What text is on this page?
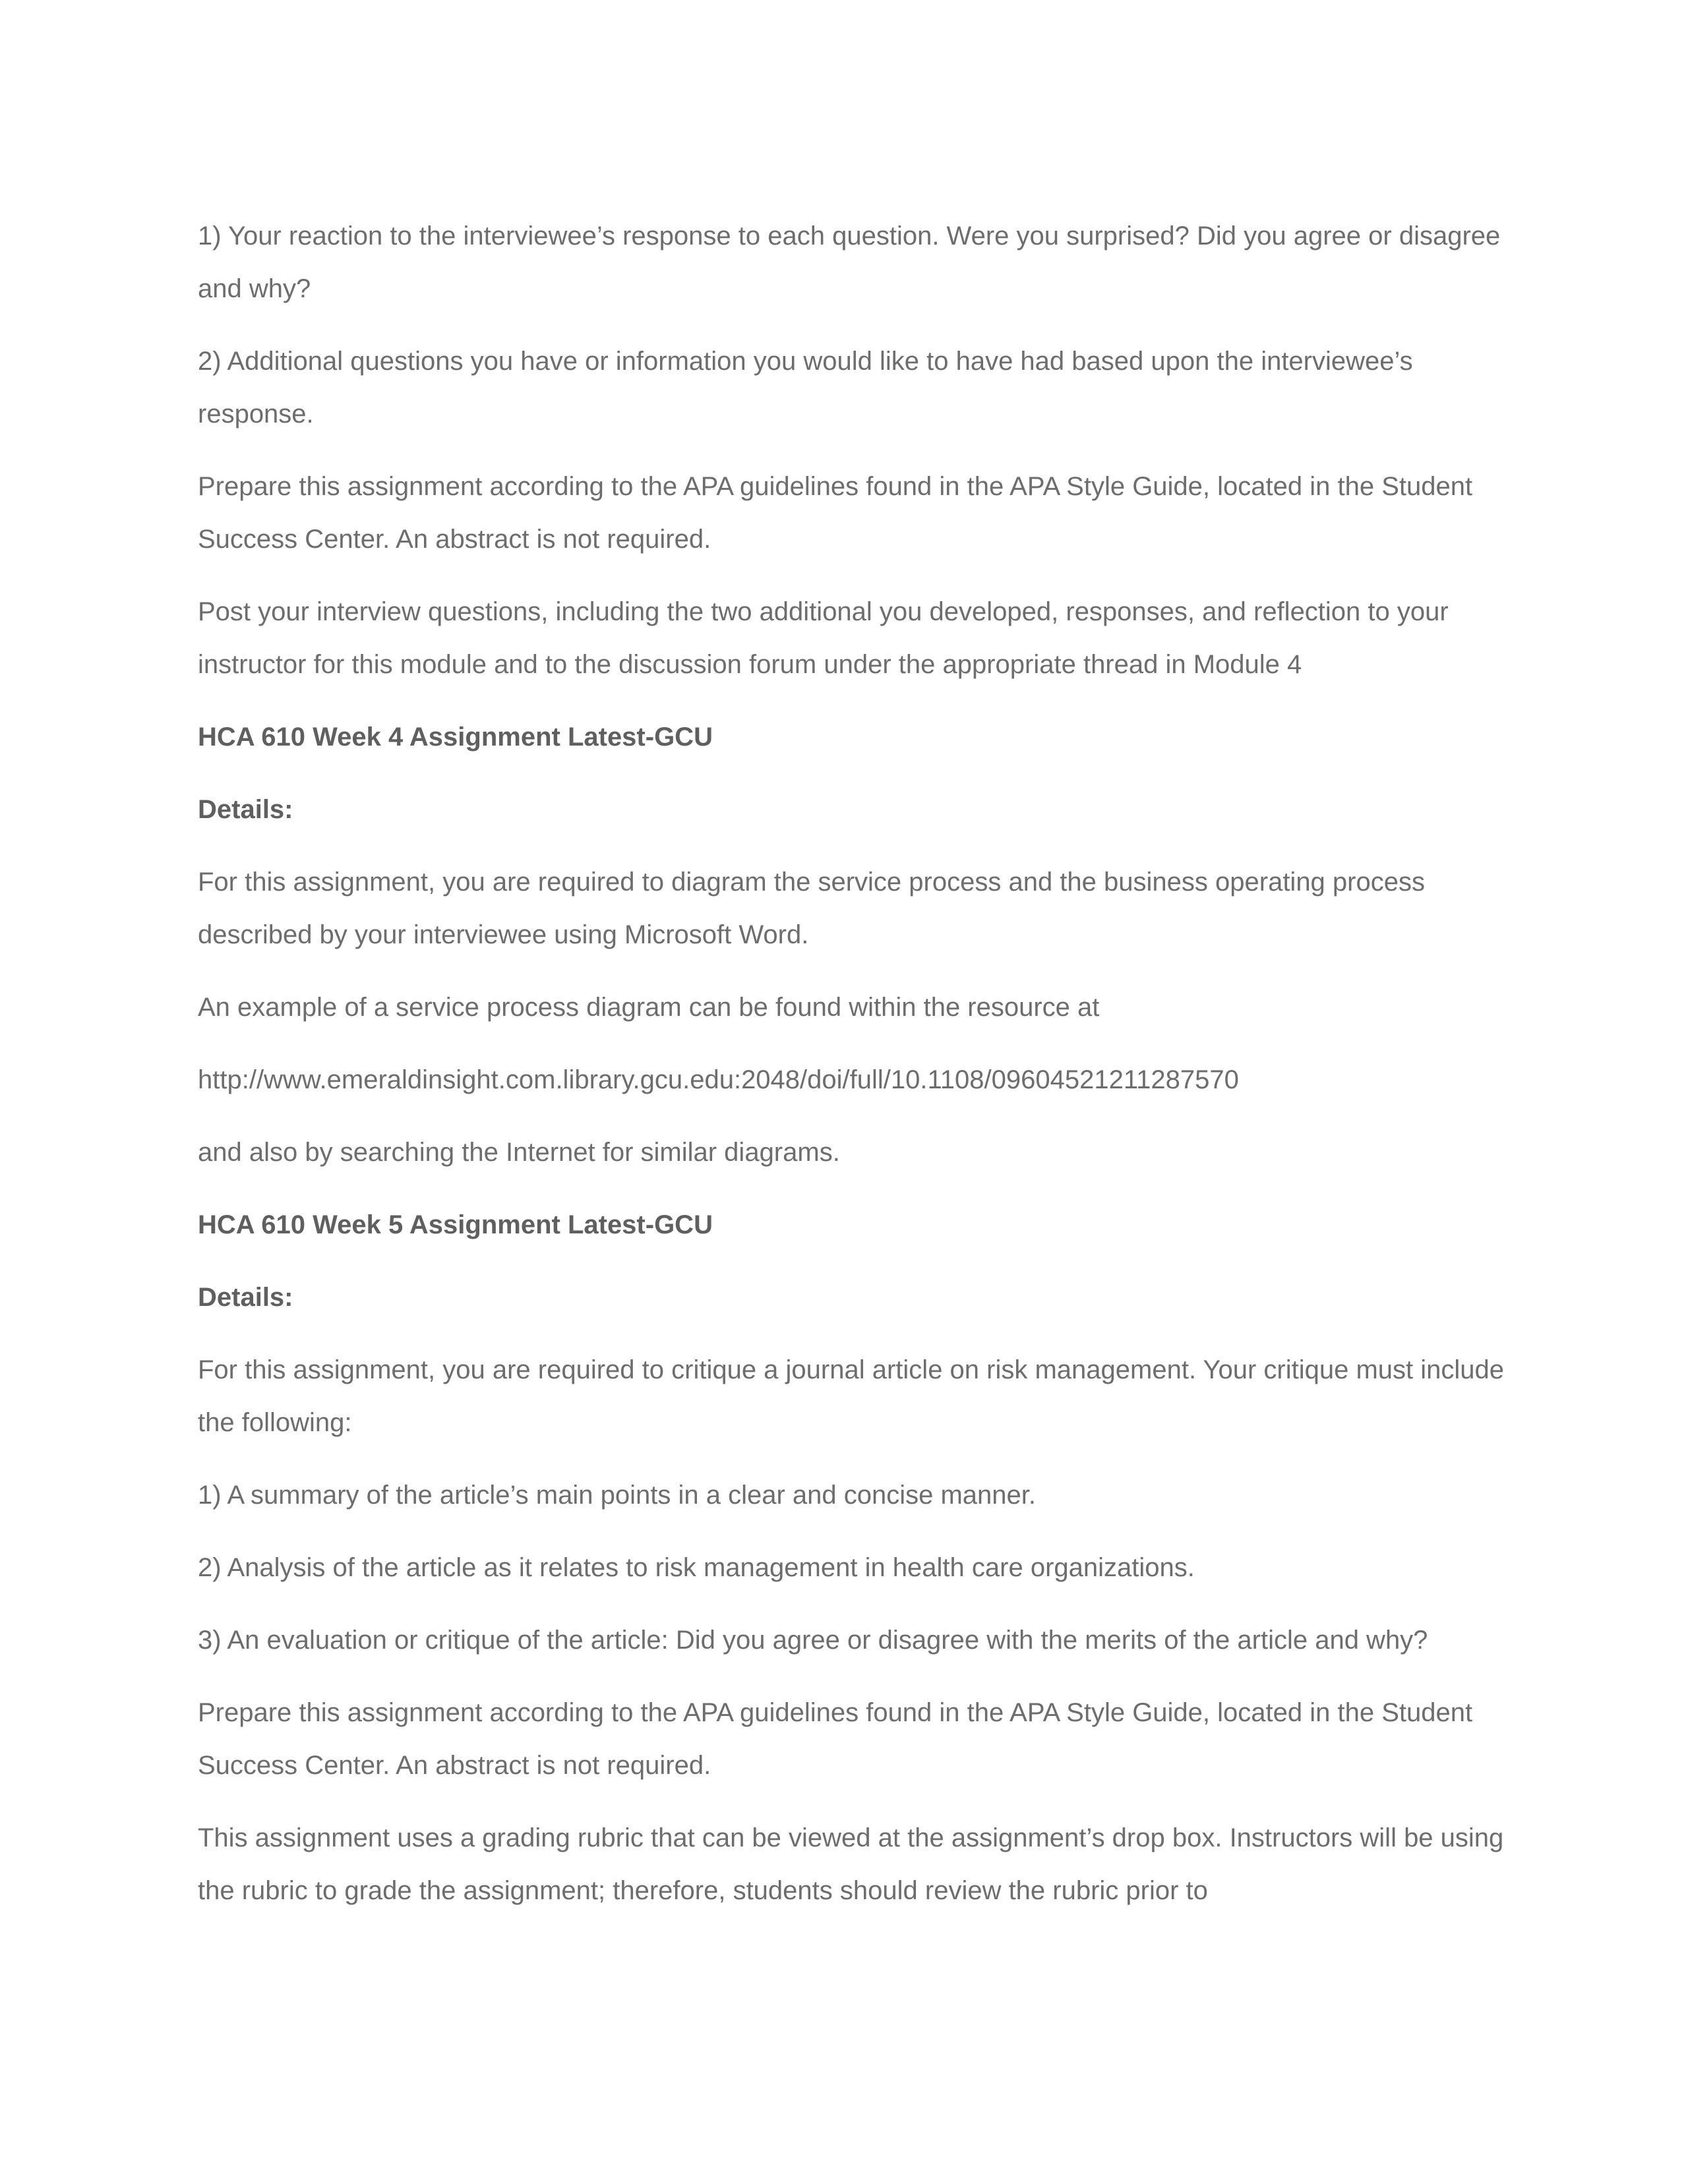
1) Your reaction to the interviewee’s response to each question. Were you surprised? Did you agree or disagree and why?

2) Additional questions you have or information you would like to have had based upon the interviewee’s response.

Prepare this assignment according to the APA guidelines found in the APA Style Guide, located in the Student Success Center. An abstract is not required.

Post your interview questions, including the two additional you developed, responses, and reflection to your instructor for this module and to the discussion forum under the appropriate thread in Module 4

HCA 610 Week 4 Assignment Latest-GCU

Details:

For this assignment, you are required to diagram the service process and the business operating process described by your interviewee using Microsoft Word.

An example of a service process diagram can be found within the resource at

http://www.emeraldinsight.com.library.gcu.edu:2048/doi/full/10.1108/09604521211287570

and also by searching the Internet for similar diagrams.

HCA 610 Week 5 Assignment Latest-GCU

Details:

For this assignment, you are required to critique a journal article on risk management. Your critique must include the following:

1) A summary of the article’s main points in a clear and concise manner.

2) Analysis of the article as it relates to risk management in health care organizations.

3) An evaluation or critique of the article: Did you agree or disagree with the merits of the article and why?

Prepare this assignment according to the APA guidelines found in the APA Style Guide, located in the Student Success Center. An abstract is not required.

This assignment uses a grading rubric that can be viewed at the assignment’s drop box. Instructors will be using the rubric to grade the assignment; therefore, students should review the rubric prior to
